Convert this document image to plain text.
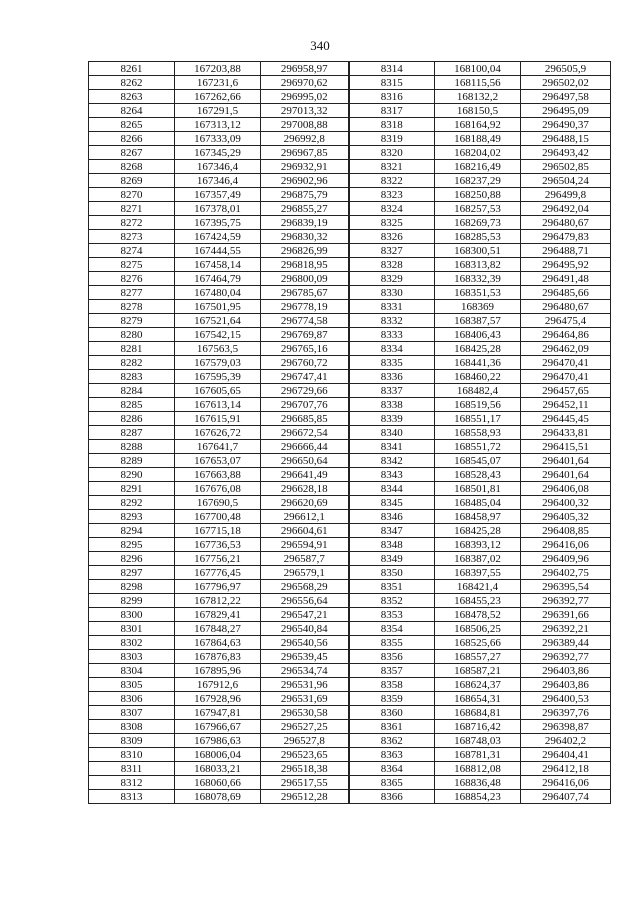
340
8261	167203,88	296958,97	8314	168100,04	296505,9
8262	167231,6	296970,62	8315	168115,56	296502,02
8263	167262,66	296995,02	8316	168132,2	296497,58
8264	167291,5	297013,32	8317	168150,5	296495,09
8265	167313,12	297008,88	8318	168164,92	296490,37
8266	167333,09	296992,8	8319	168188,49	296488,15
8267	167345,29	296967,85	8320	168204,02	296493,42
8268	167346,4	296932,91	8321	168216,49	296502,85
8269	167346,4	296902,96	8322	168237,29	296504,24
8270	167357,49	296875,79	8323	168250,88	296499,8
8271	167378,01	296855,27	8324	168257,53	296492,04
8272	167395,75	296839,19	8325	168269,73	296480,67
8273	167424,59	296830,32	8326	168285,53	296479,83
8274	167444,55	296826,99	8327	168300,51	296488,71
8275	167458,14	296818,95	8328	168313,82	296495,92
8276	167464,79	296800,09	8329	168332,39	296491,48
8277	167480,04	296785,67	8330	168351,53	296485,66
8278	167501,95	296778,19	8331	168369	296480,67
8279	167521,64	296774,58	8332	168387,57	296475,4
8280	167542,15	296769,87	8333	168406,43	296464,86
8281	167563,5	296765,16	8334	168425,28	296462,09
8282	167579,03	296760,72	8335	168441,36	296470,41
8283	167595,39	296747,41	8336	168460,22	296470,41
8284	167605,65	296729,66	8337	168482,4	296457,65
8285	167613,14	296707,76	8338	168519,56	296452,11
8286	167615,91	296685,85	8339	168551,17	296445,45
8287	167626,72	296672,54	8340	168558,93	296433,81
8288	167641,7	296666,44	8341	168551,72	296415,51
8289	167653,07	296650,64	8342	168545,07	296401,64
8290	167663,88	296641,49	8343	168528,43	296401,64
8291	167676,08	296628,18	8344	168501,81	296406,08
8292	167690,5	296620,69	8345	168485,04	296400,32
8293	167700,48	296612,1	8346	168458,97	296405,32
8294	167715,18	296604,61	8347	168425,28	296408,85
8295	167736,53	296594,91	8348	168393,12	296416,06
8296	167756,21	296587,7	8349	168387,02	296409,96
8297	167776,45	296579,1	8350	168397,55	296402,75
8298	167796,97	296568,29	8351	168421,4	296395,54
8299	167812,22	296556,64	8352	168455,23	296392,77
8300	167829,41	296547,21	8353	168478,52	296391,66
8301	167848,27	296540,84	8354	168506,25	296392,21
8302	167864,63	296540,56	8355	168525,66	296389,44
8303	167876,83	296539,45	8356	168557,27	296392,77
8304	167895,96	296534,74	8357	168587,21	296403,86
8305	167912,6	296531,96	8358	168624,37	296403,86
8306	167928,96	296531,69	8359	168654,31	296400,53
8307	167947,81	296530,58	8360	168684,81	296397,76
8308	167966,67	296527,25	8361	168716,42	296398,87
8309	167986,63	296527,8	8362	168748,03	296402,2
8310	168006,04	296523,65	8363	168781,31	296404,41
8311	168033,21	296518,38	8364	168812,08	296412,18
8312	168060,66	296517,55	8365	168836,48	296416,06
8313	168078,69	296512,28	8366	168854,23	296407,74
